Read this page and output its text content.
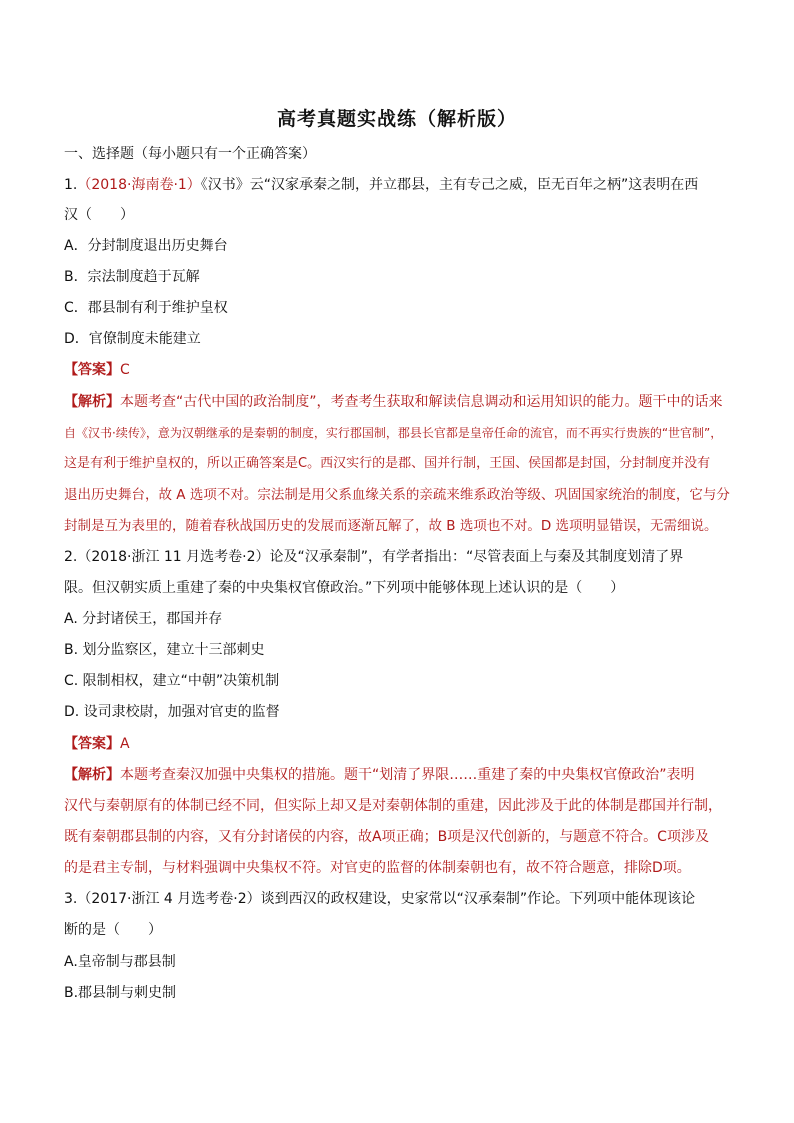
高考真题实战练（解析版）
一、选择题（每小题只有一个正确答案）
1.（2018·海南卷·1）《汉书》云“汉家承秦之制，并立郡县，主有专己之威，臣无百年之柄”这表明在西
汉（　　）
A．分封制度退出历史舞台
B．宗法制度趋于瓦解
C．郡县制有利于维护皇权
D．官僚制度未能建立
【答案】C
【解析】本题考查“古代中国的政治制度”，考查考生获取和解读信息调动和运用知识的能力。题干中的话来
自《汉书·续传》，意为汉朝继承的是秦朝的制度，实行郡国制，郡县长官都是皇帝任命的流官，而不再实行贵族的“世官制”，
这是有利于维护皇权的，所以正确答案是C。西汉实行的是郡、国并行制，王国、侯国都是封国，分封制度并没有
退出历史舞台，故 A 选项不对。宗法制是用父系血缘关系的亲疏来维系政治等级、巩固国家统治的制度，它与分
封制是互为表里的，随着春秋战国历史的发展而逐渐瓦解了，故 B 选项也不对。D 选项明显错误，无需细说。
2.（2018·浙江 11 月选考卷·2）论及“汉承秦制”，有学者指出：“尽管表面上与秦及其制度划清了界
限。但汉朝实质上重建了秦的中央集权官僚政治。”下列项中能够体现上述认识的是（　　）
A. 分封诸侯王，郡国并存
B. 划分监察区，建立十三部刺史
C. 限制相权，建立“中朝”决策机制
D. 设司隶校尉，加强对官吏的监督
【答案】A
【解析】本题考查秦汉加强中央集权的措施。题干“划清了界限……重建了秦的中央集权官僚政治”表明
汉代与秦朝原有的体制已经不同，但实际上却又是对秦朝体制的重建，因此涉及于此的体制是郡国并行制，
既有秦朝郡县制的内容，又有分封诸侯的内容，故A项正确；B项是汉代创新的，与题意不符合。C项涉及
的是君主专制，与材料强调中央集权不符。对官吏的监督的体制秦朝也有，故不符合题意，排除D项。
3.（2017·浙江 4 月选考卷·2）谈到西汉的政权建设，史家常以“汉承秦制”作论。下列项中能体现该论
断的是（　　）
A.皇帝制与郡县制
B.郡县制与刺史制
